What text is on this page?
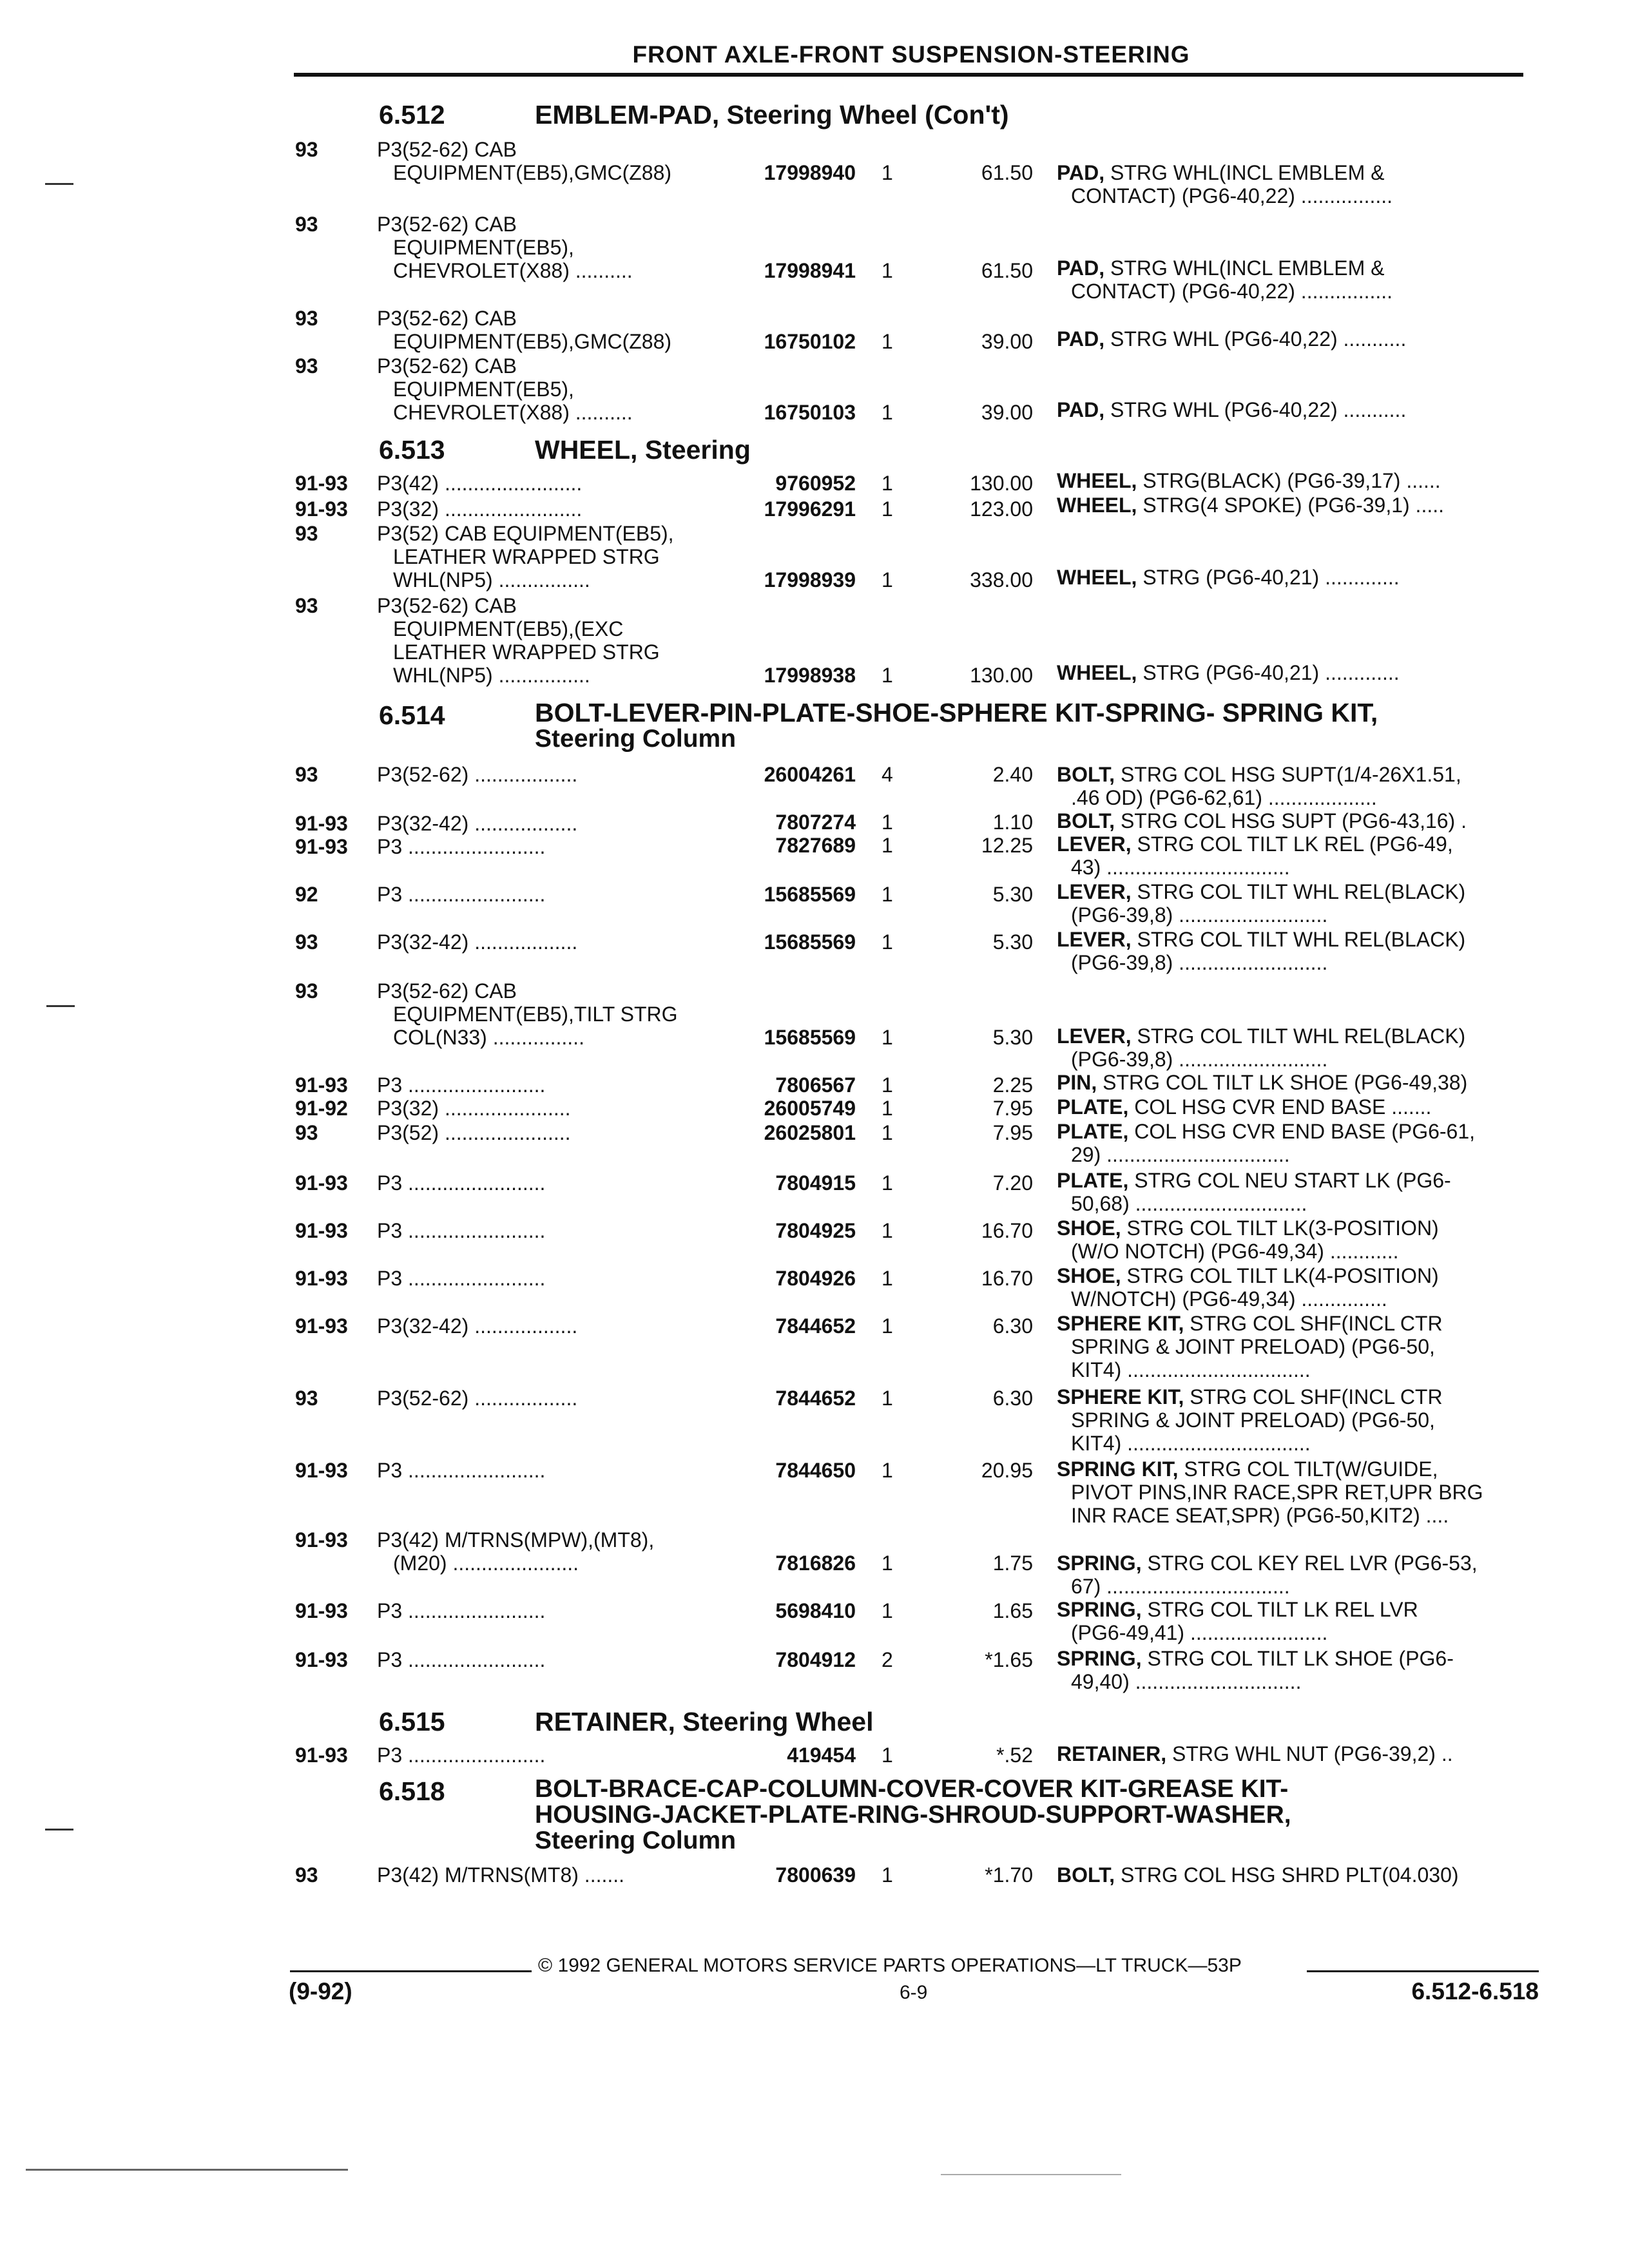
FRONT AXLE-FRONT SUSPENSION-STEERING
6.512	EMBLEM-PAD, Steering Wheel (Con't)
93	P3(52-62) CAB
EQUIPMENT(EB5),GMC(Z88)	17998940 1	61.50 PAD, STRG WHL(INCL EMBLEM &
CONTACT) (PG6-40,22) ................
93	P3(52-62) CAB
EQUIPMENT(EB5),
CHEVROLET(X88) ..........	17998941 1	61.50 PAD, STRG WHL(INCL EMBLEM &
CONTACT) (PG6-40,22) ................
93	P3(52-62) CAB
EQUIPMENT(EB5),GMC(Z88)	16750102 1	39.00 PAD, STRG WHL (PG6-40,22) ...........
93	P3(52-62) CAB
EQUIPMENT(EB5),
CHEVROLET(X88) ..........	16750103 1	39.00 PAD, STRG WHL (PG6-40,22) ...........
6.513	WHEEL, Steering
91-93 P3(42) ........................	9760952 1	130.00 WHEEL, STRG(BLACK) (PG6-39,17) ......
91-93 P3(32) ........................	17996291 1	123.00 WHEEL, STRG(4 SPOKE) (PG6-39,1) .....
93	P3(52) CAB EQUIPMENT(EB5),
LEATHER WRAPPED STRG
WHL(NP5) ................	17998939 1	338.00 WHEEL, STRG (PG6-40,21) .............
93	P3(52-62) CAB
EQUIPMENT(EB5),(EXC
LEATHER WRAPPED STRG
WHL(NP5) ................	17998938 1	130.00 WHEEL, STRG (PG6-40,21) .............
6.514	BOLT-LEVER-PIN-PLATE-SHOE-SPHERE KIT-SPRING- SPRING KIT,
Steering Column
93	P3(52-62) ..................	26004261 4	2.40 BOLT, STRG COL HSG SUPT(1/4-26X1.51,
.46 OD) (PG6-62,61) ...................
91-93 P3(32-42) ..................	7807274 1	1.10 BOLT, STRG COL HSG SUPT (PG6-43,16) .
91-93 P3 ........................	7827689 1	12.25 LEVER, STRG COL TILT LK REL (PG6-49,
43) ................................
92	P3 ........................	15685569 1	5.30 LEVER, STRG COL TILT WHL REL(BLACK)
(PG6-39,8) ..........................
93	P3(32-42) ..................	15685569 1	5.30 LEVER, STRG COL TILT WHL REL(BLACK)
(PG6-39,8) ..........................
93	P3(52-62) CAB
EQUIPMENT(EB5),TILT STRG
COL(N33) ................	15685569 1	5.30 LEVER, STRG COL TILT WHL REL(BLACK)
(PG6-39,8) ..........................
91-93 P3 ........................	7806567 1	2.25 PIN, STRG COL TILT LK SHOE (PG6-49,38)
91-92 P3(32) ......................	26005749 1	7.95 PLATE, COL HSG CVR END BASE .......
93	P3(52) ......................	26025801 1	7.95 PLATE, COL HSG CVR END BASE (PG6-61,
29) ................................
91-93 P3 ........................	7804915 1	7.20 PLATE, STRG COL NEU START LK (PG6-
50,68) ..............................
91-93 P3 ........................	7804925 1	16.70 SHOE, STRG COL TILT LK(3-POSITION)
(W/O NOTCH) (PG6-49,34) ............
91-93 P3 ........................	7804926 1	16.70 SHOE, STRG COL TILT LK(4-POSITION)
W/NOTCH) (PG6-49,34) ...............
91-93 P3(32-42) ..................	7844652 1	6.30 SPHERE KIT, STRG COL SHF(INCL CTR
SPRING & JOINT PRELOAD) (PG6-50,
KIT4) ................................
93	P3(52-62) ..................	7844652 1	6.30 SPHERE KIT, STRG COL SHF(INCL CTR
SPRING & JOINT PRELOAD) (PG6-50,
KIT4) ................................
91-93 P3 ........................	7844650 1	20.95 SPRING KIT, STRG COL TILT(W/GUIDE,
PIVOT PINS,INR RACE,SPR RET,UPR BRG
INR RACE SEAT,SPR) (PG6-50,KIT2) ....
91-93 P3(42) M/TRNS(MPW),(MT8),
(M20) ......................	7816826 1	1.75 SPRING, STRG COL KEY REL LVR (PG6-53,
67) ................................
91-93 P3 ........................	5698410 1	1.65 SPRING, STRG COL TILT LK REL LVR
(PG6-49,41) ........................
91-93 P3 ........................	7804912 2	*1.65 SPRING, STRG COL TILT LK SHOE (PG6-
49,40) .............................
6.515	RETAINER, Steering Wheel
91-93 P3 ........................	419454 1	*.52 RETAINER, STRG WHL NUT (PG6-39,2) ..
6.518	BOLT-BRACE-CAP-COLUMN-COVER-COVER KIT-GREASE KIT-
HOUSING-JACKET-PLATE-RING-SHROUD-SUPPORT-WASHER,
Steering Column
93	P3(42) M/TRNS(MT8) .......	7800639 1	*1.70 BOLT, STRG COL HSG SHRD PLT(04.030)
© 1992 GENERAL MOTORS SERVICE PARTS OPERATIONS—LT TRUCK—53P
(9-92)	6-9	6.512-6.518
